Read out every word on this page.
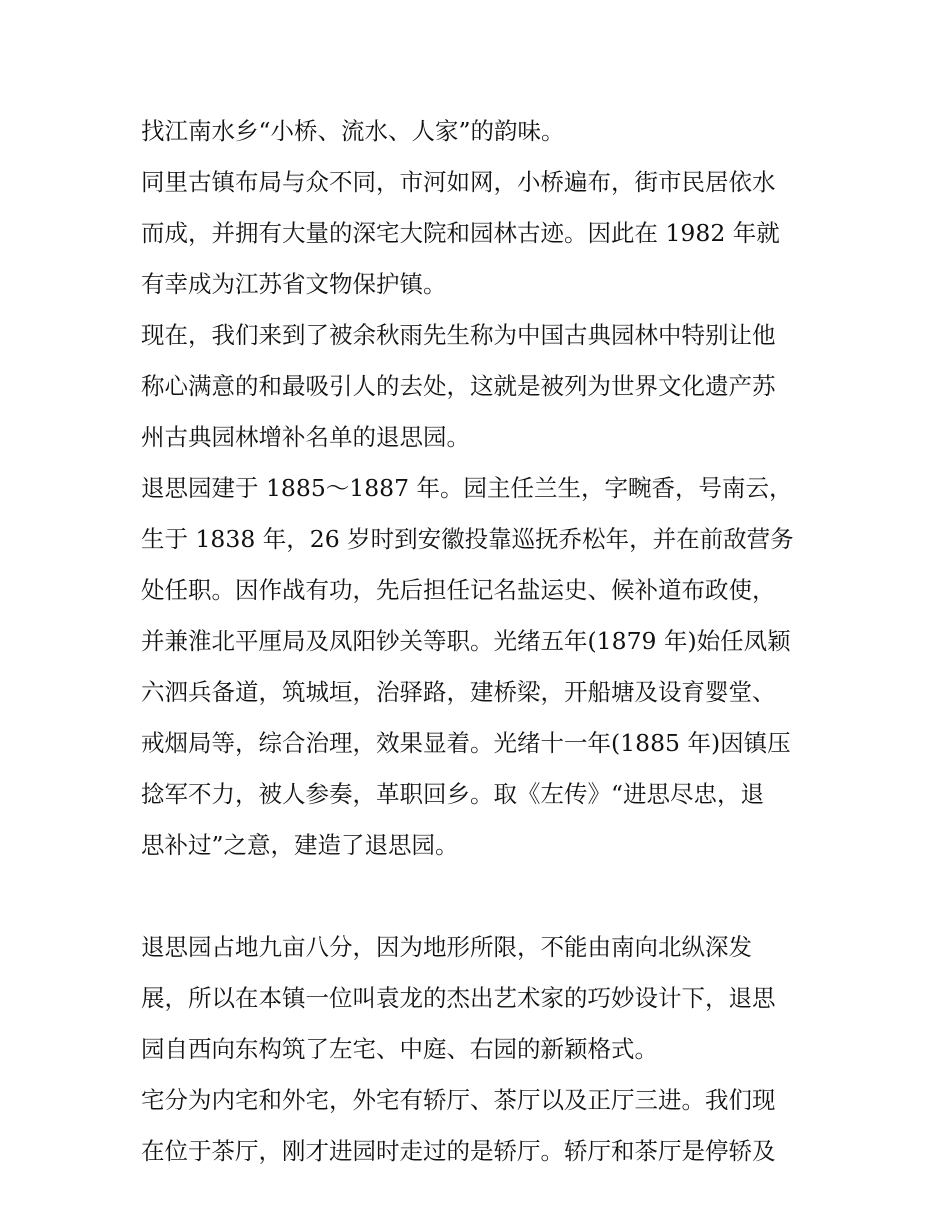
找江南水乡“小桥、流水、人家”的韵味。
同里古镇布局与众不同，市河如网，小桥遍布，街市民居依水
而成，并拥有大量的深宅大院和园林古迹。因此在 1982 年就
有幸成为江苏省文物保护镇。
现在，我们来到了被余秋雨先生称为中国古典园林中特别让他
称心满意的和最吸引人的去处，这就是被列为世界文化遗产苏
州古典园林增补名单的退思园。
退思园建于 1885～1887 年。园主任兰生，字畹香，号南云，
生于 1838 年，26 岁时到安徽投靠巡抚乔松年，并在前敌营务
处任职。因作战有功，先后担任记名盐运史、候补道布政使，
并兼淮北平厘局及凤阳钞关等职。光绪五年(1879 年)始任凤颖
六泗兵备道，筑城垣，治驿路，建桥梁，开船塘及设育婴堂、
戒烟局等，综合治理，效果显着。光绪十一年(1885 年)因镇压
捻军不力，被人参奏，革职回乡。取《左传》“进思尽忠，退
思补过”之意，建造了退思园。
退思园占地九亩八分，因为地形所限，不能由南向北纵深发
展，所以在本镇一位叫袁龙的杰出艺术家的巧妙设计下，退思
园自西向东构筑了左宅、中庭、右园的新颖格式。
宅分为内宅和外宅，外宅有轿厅、茶厅以及正厅三进。我们现
在位于茶厅，刚才进园时走过的是轿厅。轿厅和茶厅是停轿及
